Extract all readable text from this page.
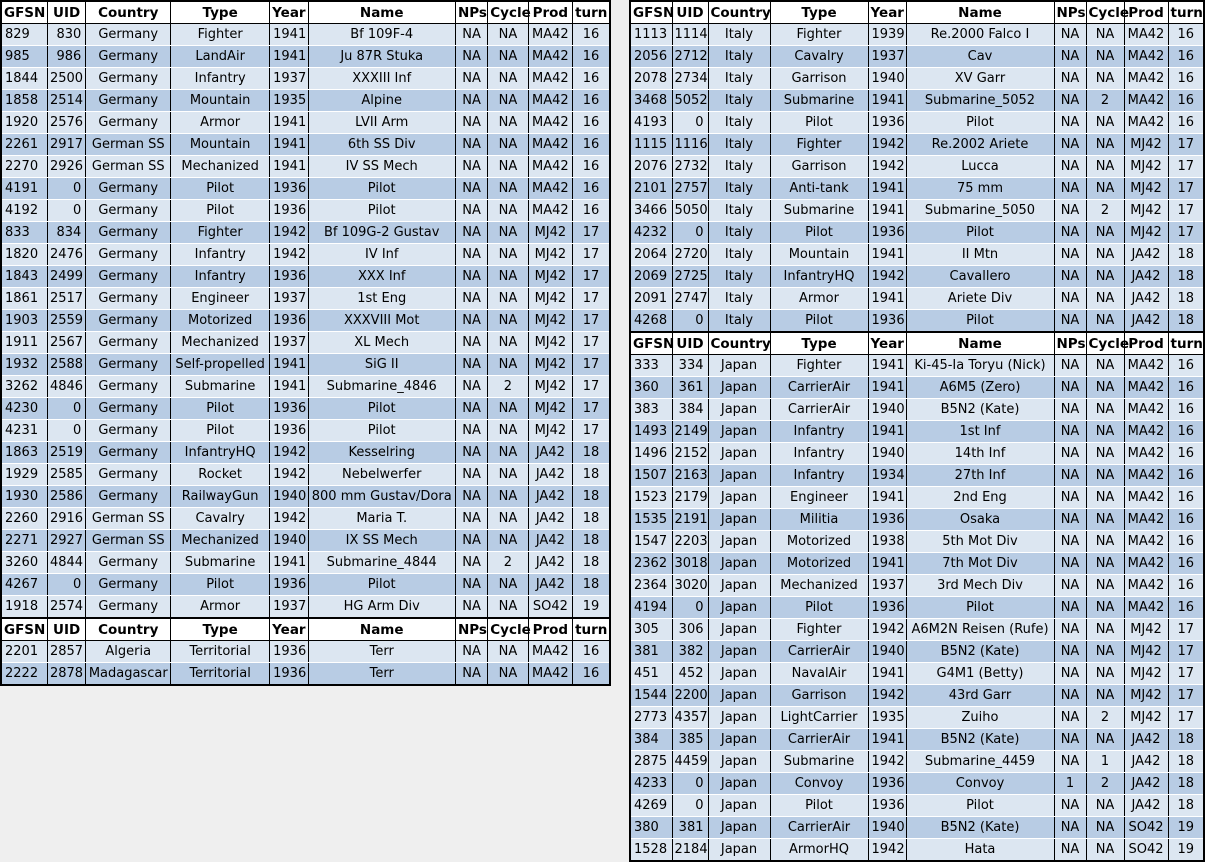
GFSN	UID	Country	Type	Year	Name	NPs	Cycle	Prod	turn
829	830	Germany	Fighter	1941	Bf 109F-4	NA	NA	MA42	16
985	986	Germany	LandAir	1941	Ju 87R Stuka	NA	NA	MA42	16
1844	2500	Germany	Infantry	1937	XXXIII Inf	NA	NA	MA42	16
1858	2514	Germany	Mountain	1935	Alpine	NA	NA	MA42	16
1920	2576	Germany	Armor	1941	LVII Arm	NA	NA	MA42	16
2261	2917	German SS	Mountain	1941	6th SS Div	NA	NA	MA42	16
2270	2926	German SS	Mechanized	1941	IV SS Mech	NA	NA	MA42	16
4191	0	Germany	Pilot	1936	Pilot	NA	NA	MA42	16
4192	0	Germany	Pilot	1936	Pilot	NA	NA	MA42	16
833	834	Germany	Fighter	1942	Bf 109G-2 Gustav	NA	NA	MJ42	17
1820	2476	Germany	Infantry	1942	IV Inf	NA	NA	MJ42	17
1843	2499	Germany	Infantry	1936	XXX Inf	NA	NA	MJ42	17
1861	2517	Germany	Engineer	1937	1st Eng	NA	NA	MJ42	17
1903	2559	Germany	Motorized	1936	XXXVIII Mot	NA	NA	MJ42	17
1911	2567	Germany	Mechanized	1937	XL Mech	NA	NA	MJ42	17
1932	2588	Germany	Self-propelled	1941	SiG II	NA	NA	MJ42	17
3262	4846	Germany	Submarine	1941	Submarine_4846	NA	2	MJ42	17
4230	0	Germany	Pilot	1936	Pilot	NA	NA	MJ42	17
4231	0	Germany	Pilot	1936	Pilot	NA	NA	MJ42	17
1863	2519	Germany	InfantryHQ	1942	Kesselring	NA	NA	JA42	18
1929	2585	Germany	Rocket	1942	Nebelwerfer	NA	NA	JA42	18
1930	2586	Germany	RailwayGun	1940	800 mm Gustav/Dora	NA	NA	JA42	18
2260	2916	German SS	Cavalry	1942	Maria T.	NA	NA	JA42	18
2271	2927	German SS	Mechanized	1940	IX SS Mech	NA	NA	JA42	18
3260	4844	Germany	Submarine	1941	Submarine_4844	NA	2	JA42	18
4267	0	Germany	Pilot	1936	Pilot	NA	NA	JA42	18
1918	2574	Germany	Armor	1937	HG Arm Div	NA	NA	SO42	19
GFSN	UID	Country	Type	Year	Name	NPs	Cycle	Prod	turn
2201	2857	Algeria	Territorial	1936	Terr	NA	NA	MA42	16
2222	2878	Madagascar	Territorial	1936	Terr	NA	NA	MA42	16
GFSN	UID	Country	Type	Year	Name	NPs	Cycle	Prod	turn
1113	1114	Italy	Fighter	1939	Re.2000 Falco I	NA	NA	MA42	16
2056	2712	Italy	Cavalry	1937	Cav	NA	NA	MA42	16
2078	2734	Italy	Garrison	1940	XV Garr	NA	NA	MA42	16
3468	5052	Italy	Submarine	1941	Submarine_5052	NA	2	MA42	16
4193	0	Italy	Pilot	1936	Pilot	NA	NA	MA42	16
1115	1116	Italy	Fighter	1942	Re.2002 Ariete	NA	NA	MJ42	17
2076	2732	Italy	Garrison	1942	Lucca	NA	NA	MJ42	17
2101	2757	Italy	Anti-tank	1941	75 mm	NA	NA	MJ42	17
3466	5050	Italy	Submarine	1941	Submarine_5050	NA	2	MJ42	17
4232	0	Italy	Pilot	1936	Pilot	NA	NA	MJ42	17
2064	2720	Italy	Mountain	1941	II Mtn	NA	NA	JA42	18
2069	2725	Italy	InfantryHQ	1942	Cavallero	NA	NA	JA42	18
2091	2747	Italy	Armor	1941	Ariete Div	NA	NA	JA42	18
4268	0	Italy	Pilot	1936	Pilot	NA	NA	JA42	18
GFSN	UID	Country	Type	Year	Name	NPs	Cycle	Prod	turn
333	334	Japan	Fighter	1941	Ki-45-Ia Toryu (Nick)	NA	NA	MA42	16
360	361	Japan	CarrierAir	1941	A6M5 (Zero)	NA	NA	MA42	16
383	384	Japan	CarrierAir	1940	B5N2 (Kate)	NA	NA	MA42	16
1493	2149	Japan	Infantry	1941	1st Inf	NA	NA	MA42	16
1496	2152	Japan	Infantry	1940	14th Inf	NA	NA	MA42	16
1507	2163	Japan	Infantry	1934	27th Inf	NA	NA	MA42	16
1523	2179	Japan	Engineer	1941	2nd Eng	NA	NA	MA42	16
1535	2191	Japan	Militia	1936	Osaka	NA	NA	MA42	16
1547	2203	Japan	Motorized	1938	5th Mot Div	NA	NA	MA42	16
2362	3018	Japan	Motorized	1941	7th Mot Div	NA	NA	MA42	16
2364	3020	Japan	Mechanized	1937	3rd Mech Div	NA	NA	MA42	16
4194	0	Japan	Pilot	1936	Pilot	NA	NA	MA42	16
305	306	Japan	Fighter	1942	A6M2N Reisen (Rufe)	NA	NA	MJ42	17
381	382	Japan	CarrierAir	1940	B5N2 (Kate)	NA	NA	MJ42	17
451	452	Japan	NavalAir	1941	G4M1 (Betty)	NA	NA	MJ42	17
1544	2200	Japan	Garrison	1942	43rd Garr	NA	NA	MJ42	17
2773	4357	Japan	LightCarrier	1935	Zuiho	NA	2	MJ42	17
384	385	Japan	CarrierAir	1941	B5N2 (Kate)	NA	NA	JA42	18
2875	4459	Japan	Submarine	1942	Submarine_4459	NA	1	JA42	18
4233	0	Japan	Convoy	1936	Convoy	1	2	JA42	18
4269	0	Japan	Pilot	1936	Pilot	NA	NA	JA42	18
380	381	Japan	CarrierAir	1940	B5N2 (Kate)	NA	NA	SO42	19
1528	2184	Japan	ArmorHQ	1942	Hata	NA	NA	SO42	19
